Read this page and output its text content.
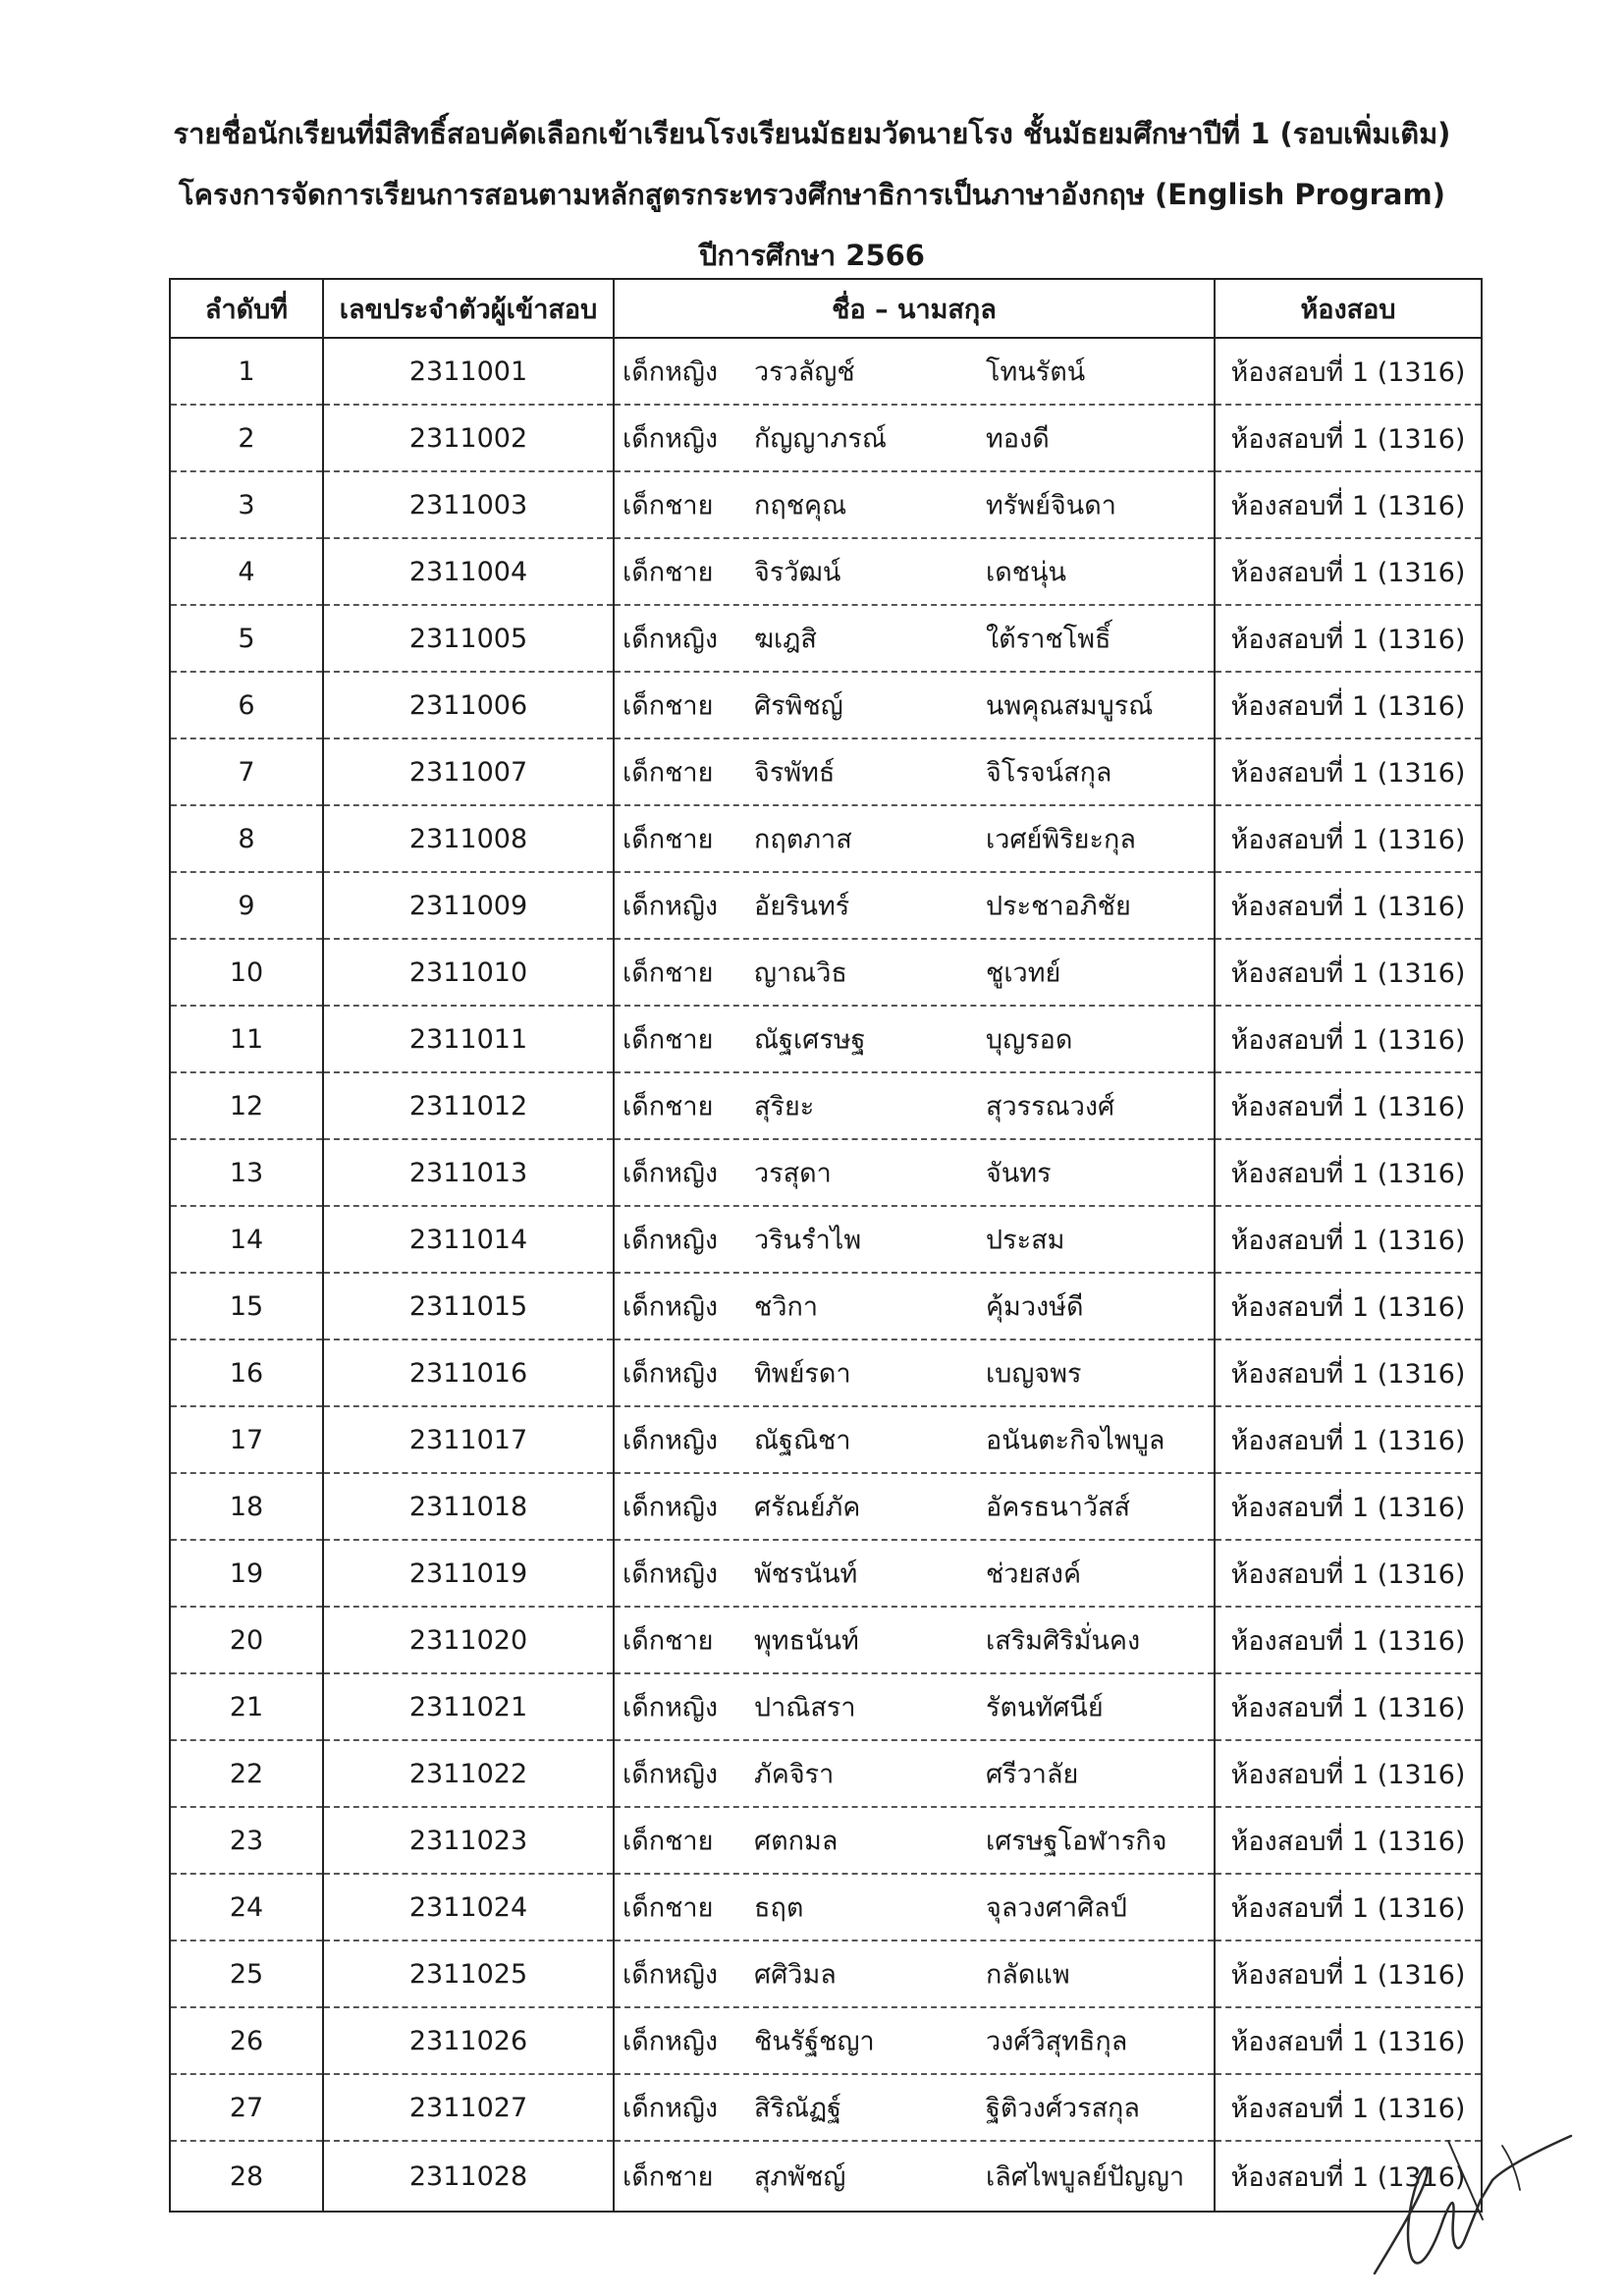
รายชื่อนักเรียนที่มีสิทธิ์สอบคัดเลือกเข้าเรียนโรงเรียนมัธยมวัดนายโรง ชั้นมัธยมศึกษาปีที่ 1 (รอบเพิ่มเติม)
โครงการจัดการเรียนการสอนตามหลักสูตรกระทรวงศึกษาธิการเป็นภาษาอังกฤษ (English Program)
ปีการศึกษา 2566
ลำดับที่	เลขประจำตัวผู้เข้าสอบ	ชื่อ – นามสกุล	ห้องสอบ
1	2311001	เด็กหญิง วรวลัญช์ โทนรัตน์	ห้องสอบที่ 1 (1316)
2	2311002	เด็กหญิง กัญญาภรณ์ ทองดี	ห้องสอบที่ 1 (1316)
3	2311003	เด็กชาย กฤชคุณ ทรัพย์จินดา	ห้องสอบที่ 1 (1316)
4	2311004	เด็กชาย จิรวัฒน์ เดชนุ่น	ห้องสอบที่ 1 (1316)
5	2311005	เด็กหญิง ฆเฎสิ ใต้ราชโพธิ์	ห้องสอบที่ 1 (1316)
6	2311006	เด็กชาย ศิรพิชญ์ นพคุณสมบูรณ์	ห้องสอบที่ 1 (1316)
7	2311007	เด็กชาย จิรพัทธ์ จิโรจน์สกุล	ห้องสอบที่ 1 (1316)
8	2311008	เด็กชาย กฤตภาส เวศย์พิริยะกุล	ห้องสอบที่ 1 (1316)
9	2311009	เด็กหญิง อัยรินทร์ ประชาอภิชัย	ห้องสอบที่ 1 (1316)
10	2311010	เด็กชาย ญาณวิธ ชูเวทย์	ห้องสอบที่ 1 (1316)
11	2311011	เด็กชาย ณัฐเศรษฐ บุญรอด	ห้องสอบที่ 1 (1316)
12	2311012	เด็กชาย สุริยะ สุวรรณวงศ์	ห้องสอบที่ 1 (1316)
13	2311013	เด็กหญิง วรสุดา จันทร	ห้องสอบที่ 1 (1316)
14	2311014	เด็กหญิง วรินรำไพ ประสม	ห้องสอบที่ 1 (1316)
15	2311015	เด็กหญิง ชวิกา คุ้มวงษ์ดี	ห้องสอบที่ 1 (1316)
16	2311016	เด็กหญิง ทิพย์รดา เบญจพร	ห้องสอบที่ 1 (1316)
17	2311017	เด็กหญิง ณัฐณิชา อนันตะกิจไพบูล	ห้องสอบที่ 1 (1316)
18	2311018	เด็กหญิง ศรัณย์ภัค อัครธนาวัสส์	ห้องสอบที่ 1 (1316)
19	2311019	เด็กหญิง พัชรนันท์ ช่วยสงค์	ห้องสอบที่ 1 (1316)
20	2311020	เด็กชาย พุทธนันท์ เสริมศิริมั่นคง	ห้องสอบที่ 1 (1316)
21	2311021	เด็กหญิง ปาณิสรา รัตนทัศนีย์	ห้องสอบที่ 1 (1316)
22	2311022	เด็กหญิง ภัคจิรา ศรีวาลัย	ห้องสอบที่ 1 (1316)
23	2311023	เด็กชาย ศตกมล เศรษฐโอฬารกิจ	ห้องสอบที่ 1 (1316)
24	2311024	เด็กชาย ธฤต จุลวงศาศิลป์	ห้องสอบที่ 1 (1316)
25	2311025	เด็กหญิง ศศิวิมล กลัดแพ	ห้องสอบที่ 1 (1316)
26	2311026	เด็กหญิง ชินรัฐ์ชญา วงศ์วิสุทธิกุล	ห้องสอบที่ 1 (1316)
27	2311027	เด็กหญิง สิริณัฏฐ์ ฐิติวงศ์วรสกุล	ห้องสอบที่ 1 (1316)
28	2311028	เด็กชาย สุภพัชญ์ เลิศไพบูลย์ปัญญา	ห้องสอบที่ 1 (1316)
